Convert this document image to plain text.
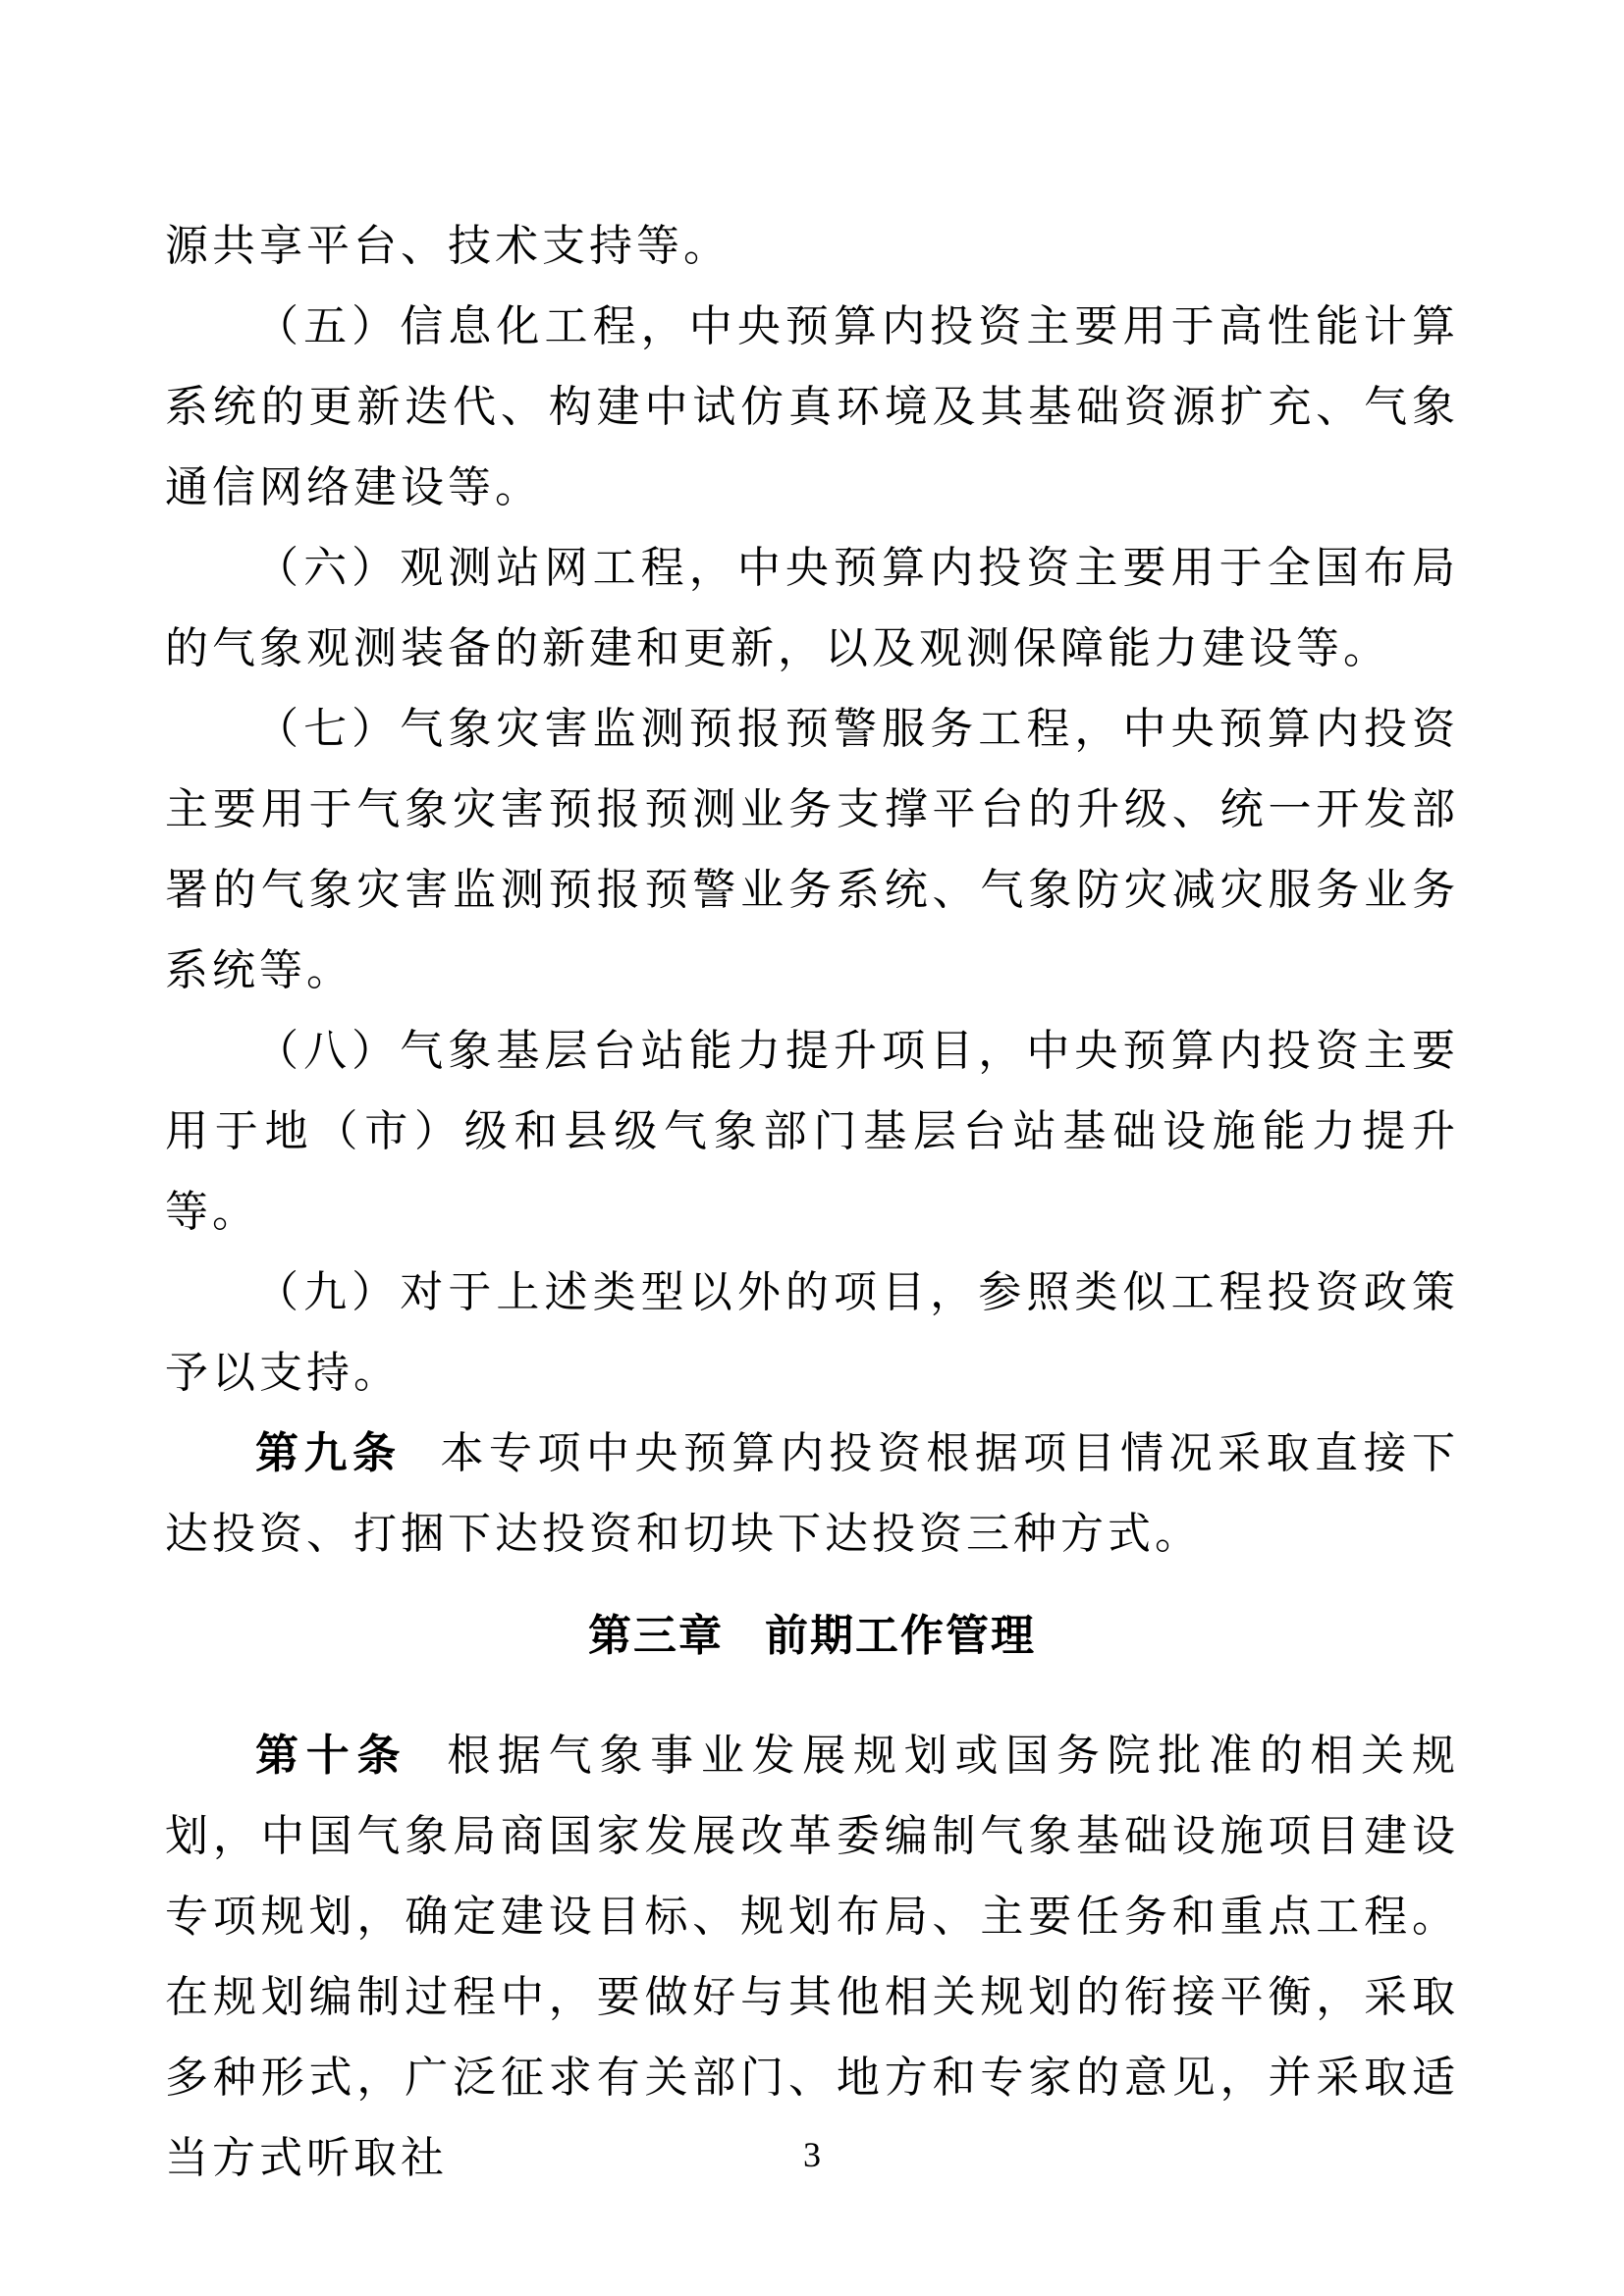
源共享平台、技术支持等。

（五）信息化工程，中央预算内投资主要用于高性能计算系统的更新迭代、构建中试仿真环境及其基础资源扩充、气象通信网络建设等。

（六）观测站网工程，中央预算内投资主要用于全国布局的气象观测装备的新建和更新，以及观测保障能力建设等。

（七）气象灾害监测预报预警服务工程，中央预算内投资主要用于气象灾害预报预测业务支撑平台的升级、统一开发部署的气象灾害监测预报预警业务系统、气象防灾减灾服务业务系统等。

（八）气象基层台站能力提升项目，中央预算内投资主要用于地（市）级和县级气象部门基层台站基础设施能力提升等。

（九）对于上述类型以外的项目，参照类似工程投资政策予以支持。

第九条 本专项中央预算内投资根据项目情况采取直接下达投资、打捆下达投资和切块下达投资三种方式。

第三章 前期工作管理

第十条 根据气象事业发展规划或国务院批准的相关规划，中国气象局商国家发展改革委编制气象基础设施项目建设专项规划，确定建设目标、规划布局、主要任务和重点工程。在规划编制过程中，要做好与其他相关规划的衔接平衡，采取多种形式，广泛征求有关部门、地方和专家的意见，并采取适当方式听取社	3
